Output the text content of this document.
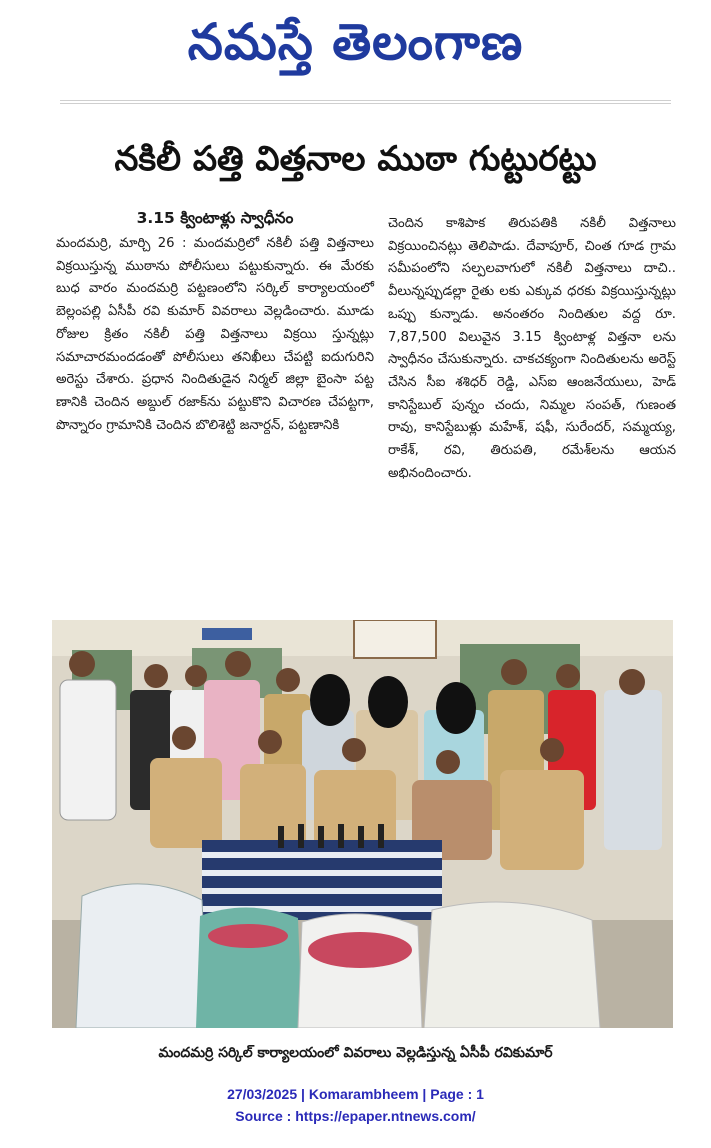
నమస్తే తెలంగాణ
నకిలీ పత్తి విత్తనాల ముఠా గుట్టురట్టు
3.15 క్వింటాళ్లు స్వాధీనం

మందమర్రి, మార్చి 26 : మందమర్రిలో నకిలీ పత్తి విత్తనాలు విక్రయిస్తున్న ముఠాను పోలీసులు పట్టుకున్నారు. ఈ మేరకు బుధ వారం మందమర్రి పట్టణంలోని సర్కిల్ కార్యాలయంలో బెల్లంపల్లి ఏసీపీ రవి కుమార్ వివరాలు వెల్లడించారు. మూడు రోజుల క్రితం నకిలీ పత్తి విత్తనాలు విక్రయి స్తున్నట్లు సమాచారమందడంతో పోలీసులు తనిఖీలు చేపట్టి ఐదుగురిని అరెస్టు చేశారు. ప్రధాన నిందితుడైన నిర్మల్ జిల్లా బైంసా పట్ట ణానికి చెందిన అబ్దుల్ రజాక్‌ను పట్టుకొని విచారణ చేపట్టగా, పొన్నారం గ్రామానికి చెందిన బొలిశెట్టి జనార్దన్, పట్టణానికి

చెందిన కాశిపాక తిరుపతికి నకిలీ విత్తనాలు విక్రయించినట్లు తెలిపాడు. దేవాపూర్, చింత గూడ గ్రామ సమీపంలోని సల్పలవాగులో నకిలీ విత్తనాలు దాచి.. వీలున్నప్పుడల్లా రైతు లకు ఎక్కువ ధరకు విక్రయిస్తున్నట్లు ఒప్పు కున్నాడు. అనంతరం నిందితుల వద్ద రూ. 7,87,500 విలువైన 3.15 క్వింటాళ్ల విత్తనా లను స్వాధీనం చేసుకున్నారు. చాకచక్యంగా నిందితులను అరెస్ట్ చేసిన సీఐ శశిధర్ రెడ్డి, ఎస్ఐ ఆంజనేయులు, హెడ్ కానిస్టేబుల్ పున్నం చందు, నిమ్మల సంపత్, గుణంత రావు, కానిస్టేబుళ్లు మహేశ్, షఫీ, సురేందర్, సమ్మయ్య, రాకేశ్, రవి, తిరుపతి, రమేశ్‌లను ఆయన అభినందించారు.

మందమర్రి సర్కిల్ కార్యాలయంలో వివరాలు వెల్లడిస్తున్న ఏసీపీ రవికుమార్
27/03/2025 | Komarambheem | Page : 1
Source : https://epaper.ntnews.com/
